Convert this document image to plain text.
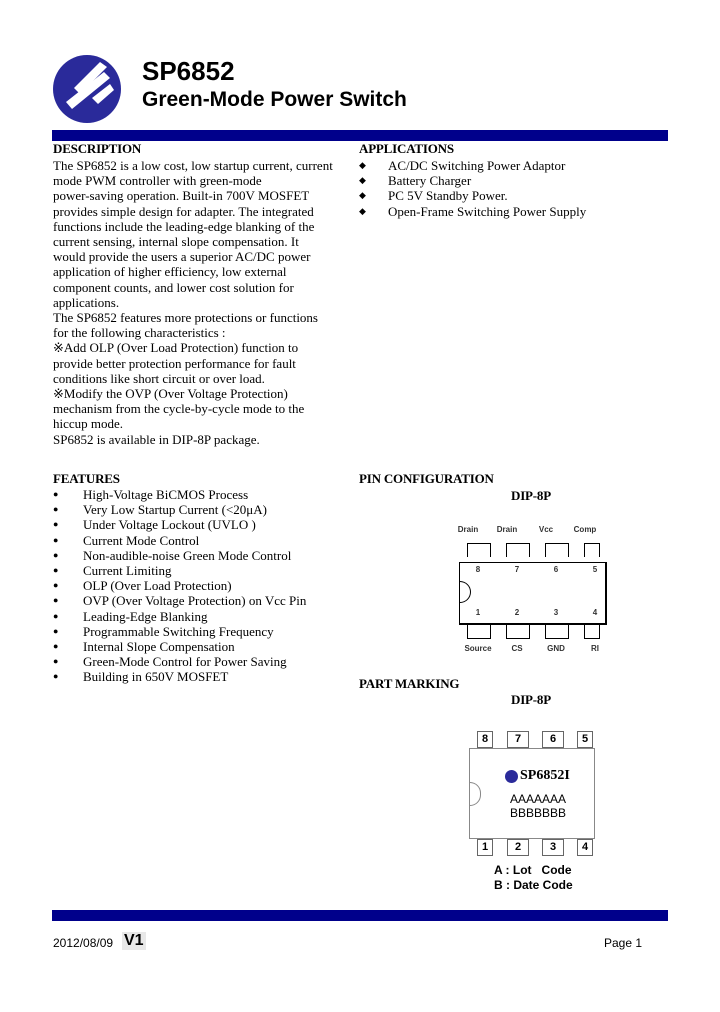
SP6852
Green-Mode Power Switch
DESCRIPTION
The SP6852 is a low cost, low startup current, current
mode PWM controller with green-mode
power-saving operation. Built-in 700V MOSFET
provides simple design for adapter. The integrated
functions include the leading-edge blanking of the
current sensing, internal slope compensation. It
would provide the users a superior AC/DC power
application of higher efficiency, low external
component counts, and lower cost solution for
applications.
The SP6852 features more protections or functions
for the following characteristics :
※Add OLP (Over Load Protection) function to
provide better protection performance for fault
conditions like short circuit or over load.
※Modify the OVP (Over Voltage Protection)
mechanism from the cycle-by-cycle mode to the
hiccup mode.
SP6852 is available in DIP-8P package.
APPLICATIONS
◆ AC/DC Switching Power Adaptor
◆ Battery Charger
◆ PC 5V Standby Power.
◆ Open-Frame Switching Power Supply
FEATURES
● High-Voltage BiCMOS Process
● Very Low Startup Current (<20μA)
● Under Voltage Lockout (UVLO )
● Current Mode Control
● Non-audible-noise Green Mode Control
● Current Limiting
● OLP (Over Load Protection)
● OVP (Over Voltage Protection) on Vcc Pin
● Leading-Edge Blanking
● Programmable Switching Frequency
● Internal Slope Compensation
● Green-Mode Control for Power Saving
● Building in 650V MOSFET
PIN CONFIGURATION
DIP-8P
Drain
8
1
Source
Drain
7
2
CS
Vcc
6
3
GND
Comp
5
4
RI
PART MARKING
DIP-8P
SP6852I
AAAAAAA
BBBBBBB
A : Lot   Code
B : Date Code
8
1
7
2
6
3
5
4
2012/08/09 V1	Page 1
